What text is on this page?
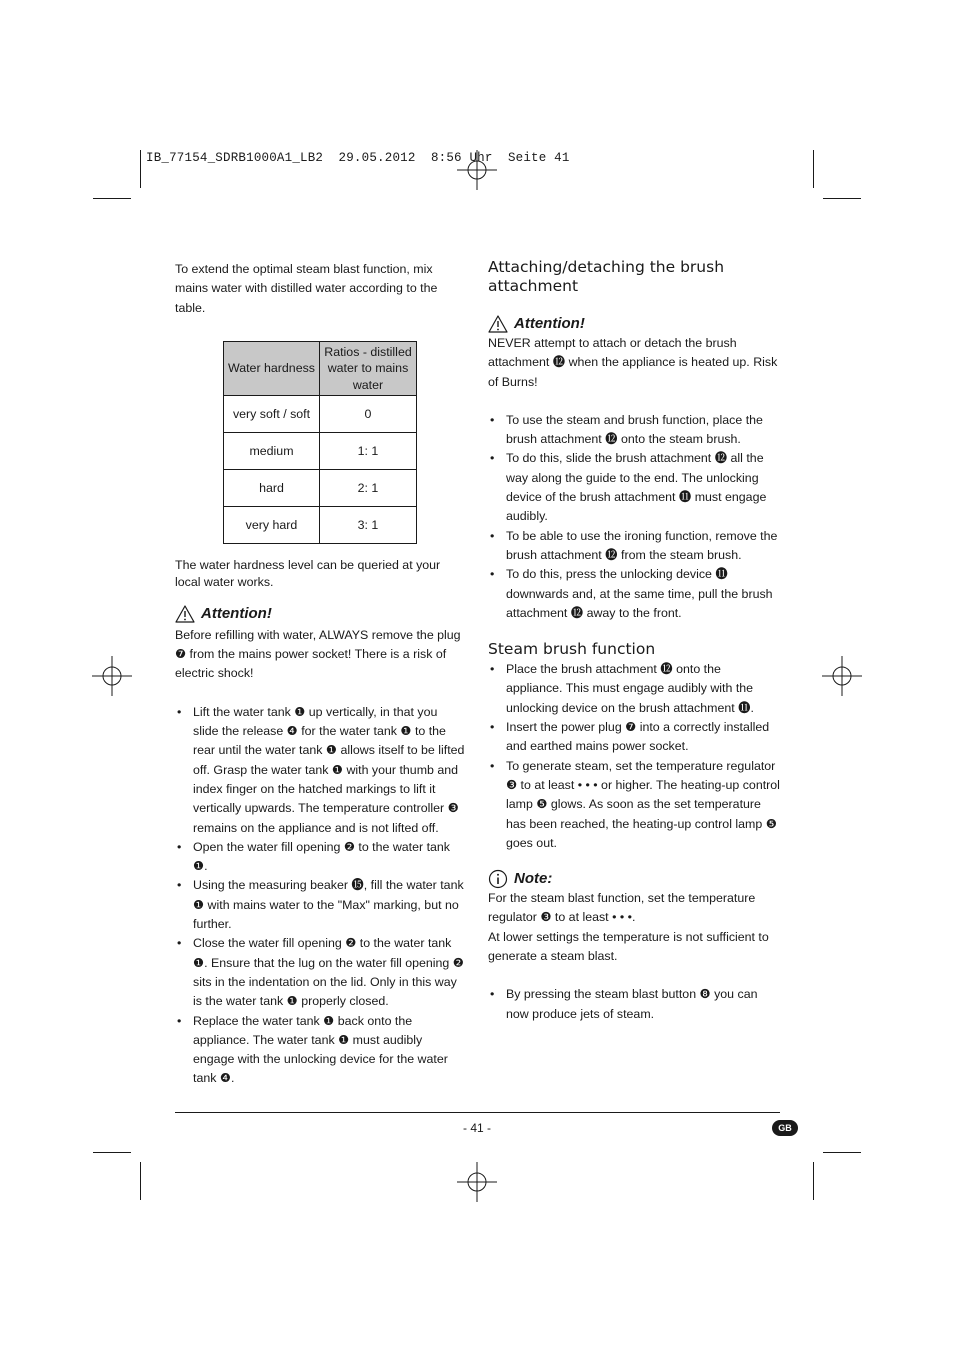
IB_77154_SDRB1000A1_LB2  29.05.2012  8:56 Uhr  Seite 41

To extend the optimal steam blast function, mix mains water with distilled water according to the table.

Water hardness	Ratios - distilled water to mains water
very soft / soft	0
medium	1: 1
hard	2: 1
very hard	3: 1

The water hardness level can be queried at your local water works.

Attention!

Before refilling with water, ALWAYS remove the plug ❼ from the mains power socket! There is a risk of electric shock!

• Lift the water tank ❶ up vertically, in that you slide the release ❹ for the water tank ❶ to the rear until the water tank ❶ allows itself to be lifted off. Grasp the water tank ❶ with your thumb and index finger on the hatched markings to lift it vertically upwards. The temperature controller ❸ remains on the appliance and is not lifted off.
• Open the water fill opening ❷ to the water tank ❶.
• Using the measuring beaker ⓯, fill the water tank ❶ with mains water to the "Max" marking, but no further.
• Close the water fill opening ❷ to the water tank ❶. Ensure that the lug on the water fill opening ❷ sits in the indentation on the lid. Only in this way is the water tank ❶ properly closed.
• Replace the water tank ❶ back onto the appliance. The water tank ❶ must audibly engage with the unlocking device for the water tank ❹.
Attaching/detaching the brush attachment
Attention!

NEVER attempt to attach or detach the brush attachment ⓬ when the appliance is heated up. Risk of Burns!

• To use the steam and brush function, place the brush attachment ⓬ onto the steam brush.
• To do this, slide the brush attachment ⓬ all the way along the guide to the end. The unlocking device of the brush attachment ⓫ must engage audibly.
• To be able to use the ironing function, remove the brush attachment ⓬ from the steam brush.
• To do this, press the unlocking device ⓫ downwards and, at the same time, pull the brush attachment ⓬ away to the front.
Steam brush function
• Place the brush attachment ⓬ onto the appliance. This must engage audibly with the unlocking device on the brush attachment ⓫.
• Insert the power plug ❼ into a correctly installed and earthed mains power socket.
• To generate steam, set the temperature regulator ❸ to at least • • • or higher. The heating-up control lamp ❺ glows. As soon as the set temperature has been reached, the heating-up control lamp ❺ goes out.
Note:

For the steam blast function, set the temperature regulator ❸ to at least • • •.

At lower settings the temperature is not sufficient to generate a steam blast.

• By pressing the steam blast button ❽ you can now produce jets of steam.
- 41 -	GB
